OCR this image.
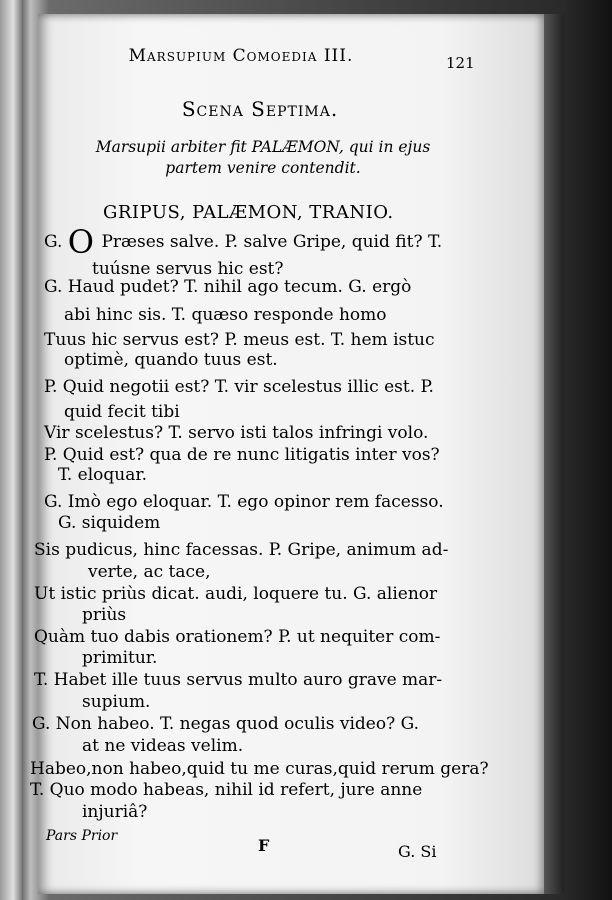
Marsupium Comoedia III.	121
Scena Septima.
Marsupii arbiter fit PALÆMON, qui in ejus
partem venire contendit.
GRIPUS, PALÆMON, TRANIO.
G. O Præses salve. P. salve Gripe, quid fit? T.
tuúsne servus hic est?
G. Haud pudet? T. nihil ago tecum. G. ergò
abi hinc sis. T. quæso responde homo
Tuus hic servus est? P. meus est. T. hem istuc
optimè, quando tuus est.
P. Quid negotii est? T. vir scelestus illic est. P.
quid fecit tibi
Vir scelestus? T. servo isti talos infringi volo.
P. Quid est? qua de re nunc litigatis inter vos?
T. eloquar.
G. Imò ego eloquar. T. ego opinor rem facesso.
G. siquidem
Sis pudicus, hinc facessas. P. Gripe, animum ad-
verte, ac tace,
Ut istic priùs dicat. audi, loquere tu. G. alienor
priùs
Quàm tuo dabis orationem? P. ut nequiter com-
primitur.
T. Habet ille tuus servus multo auro grave mar-
supium.
G. Non habeo. T. negas quod oculis video? G.
at ne videas velim.
Habeo,non habeo,quid tu me curas,quid rerum gera?
T. Quo modo habeas, nihil id refert, jure anne
injuriâ?
Pars Prior	F	G. Si
